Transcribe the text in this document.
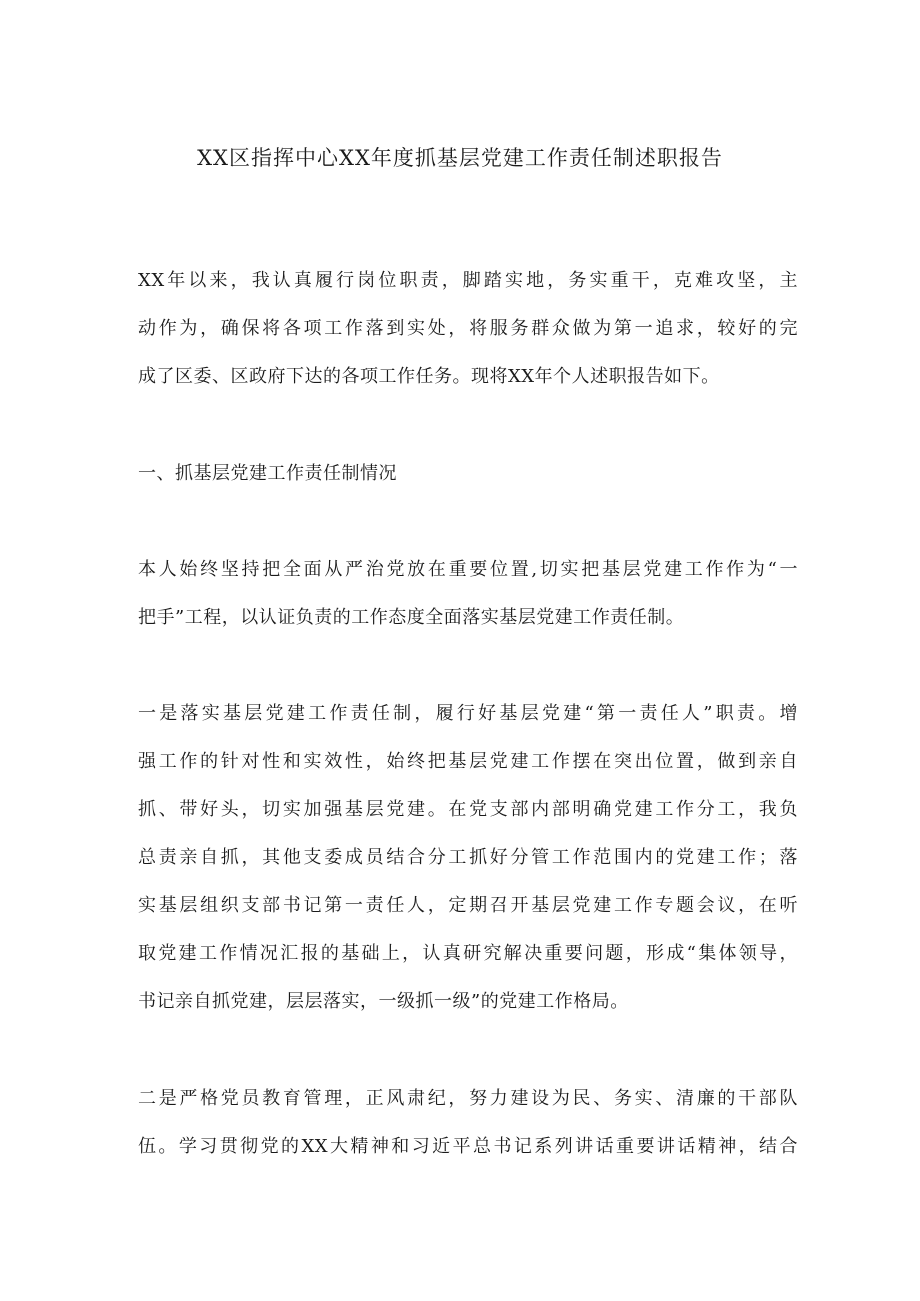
XX区指挥中心XX年度抓基层党建工作责任制述职报告
XX年以来，我认真履行岗位职责，脚踏实地，务实重干，克难攻坚，主
动作为，确保将各项工作落到实处，将服务群众做为第一追求，较好的完
成了区委、区政府下达的各项工作任务。现将XX年个人述职报告如下。
一、抓基层党建工作责任制情况
本人始终坚持把全面从严治党放在重要位置,切实把基层党建工作作为“一
把手”工程，以认证负责的工作态度全面落实基层党建工作责任制。
一是落实基层党建工作责任制，履行好基层党建“第一责任人”职责。增
强工作的针对性和实效性，始终把基层党建工作摆在突出位置，做到亲自
抓、带好头，切实加强基层党建。在党支部内部明确党建工作分工，我负
总责亲自抓，其他支委成员结合分工抓好分管工作范围内的党建工作；落
实基层组织支部书记第一责任人，定期召开基层党建工作专题会议，在听
取党建工作情况汇报的基础上，认真研究解决重要问题，形成“集体领导，
书记亲自抓党建，层层落实，一级抓一级”的党建工作格局。
二是严格党员教育管理，正风肃纪，努力建设为民、务实、清廉的干部队
伍。学习贯彻党的XX大精神和习近平总书记系列讲话重要讲话精神，结合
